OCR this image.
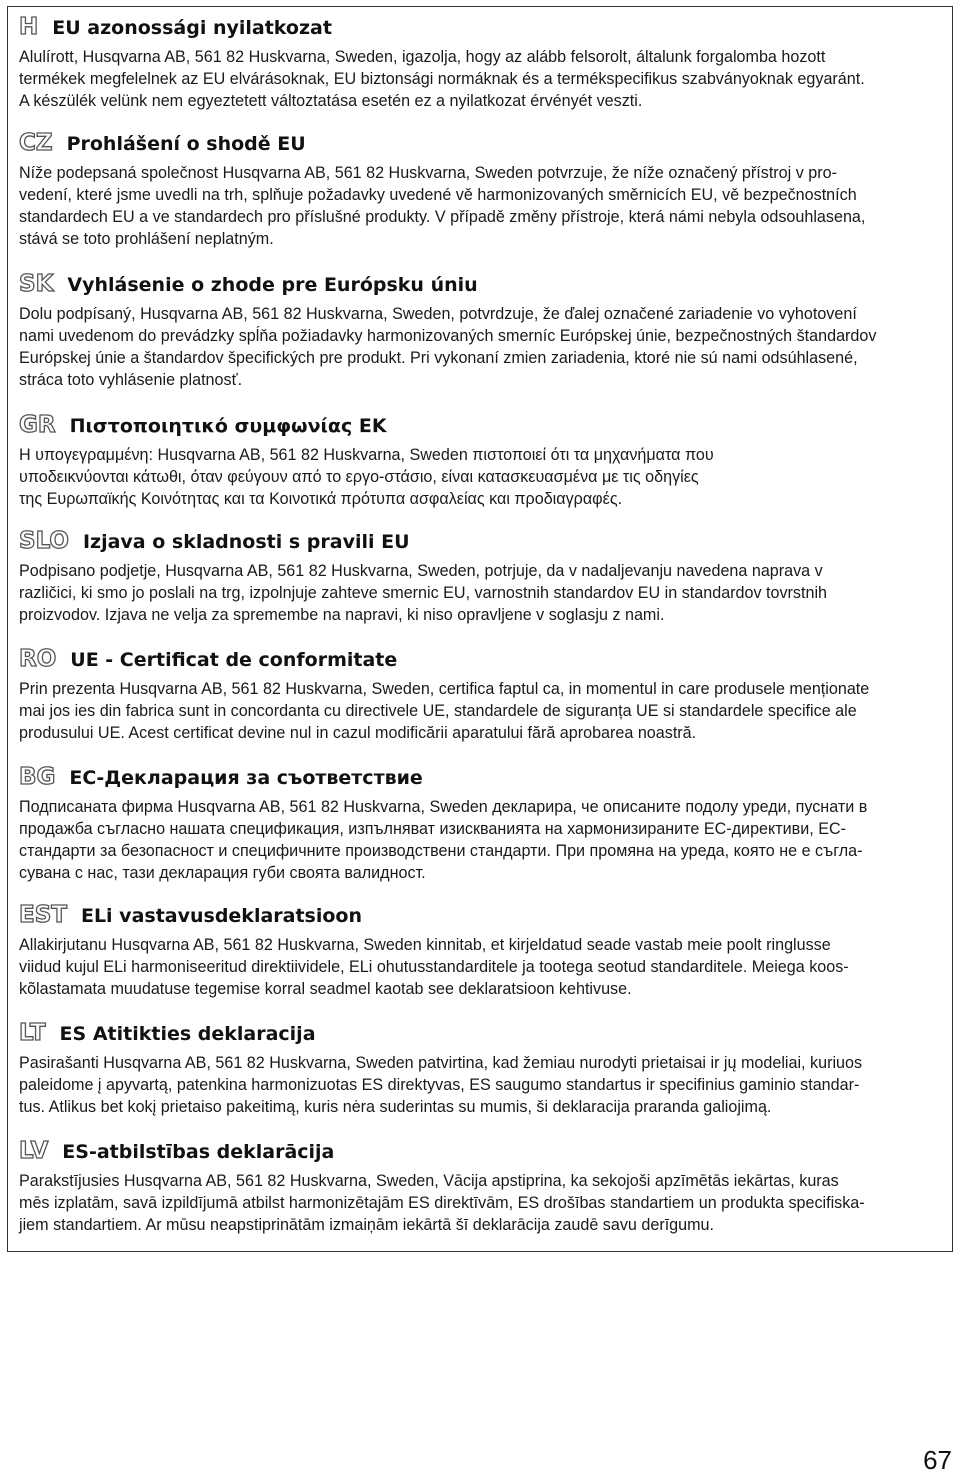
H EU azonossági nyilatkozat

Alulírott, Husqvarna AB, 561 82 Huskvarna, Sweden, igazolja, hogy az alább felsorolt, általunk forgalomba hozott
termékek megfelelnek az EU elvárásoknak, EU biztonsági normáknak és a termékspecifikus szabványoknak egyaránt.
A készülék velünk nem egyeztetett változtatása esetén ez a nyilatkozat érvényét veszti.

CZ Prohlášení o shodě EU

Níže podepsaná společnost Husqvarna AB, 561 82 Huskvarna, Sweden potvrzuje, že níže označený přístroj v pro-
vedení, které jsme uvedli na trh, splňuje požadavky uvedené vě harmonizovaných směrnicích EU, vě bezpečnostních
standardech EU a ve standardech pro příslušné produkty. V případě změny přístroje, která námi nebyla odsouhlasena,
stává se toto prohlášení neplatným.

SK Vyhlásenie o zhode pre Európsku úniu

Dolu podpísaný, Husqvarna AB, 561 82 Huskvarna, Sweden, potvrdzuje, že ďalej označené zariadenie vo vyhotovení
nami uvedenom do prevádzky spĺňa požiadavky harmonizovaných smerníc Európskej únie, bezpečnostných štandardov
Európskej únie a štandardov špecifických pre produkt. Pri vykonaní zmien zariadenia, ktoré nie sú nami odsúhlasené,
stráca toto vyhlásenie platnosť.

GR Πιστοποιητικό συμφωνίας ΕΚ

Η υπογεγραμμένη: Husqvarna AB, 561 82 Huskvarna, Sweden πιστοποιεί ότι τα μηχανήματα που
υποδεικνύονται κάτωθι, όταν φεύγουν από το εργο-στάσιο, είναι κατασκευασμένα με τις οδηγίες
της Ευρωπαϊκής Κοινότητας και τα Κοινοτικά πρότυπα ασφαλείας και προδιαγραφές.

SLO Izjava o skladnosti s pravili EU

Podpisano podjetje, Husqvarna AB, 561 82 Huskvarna, Sweden, potrjuje, da v nadaljevanju navedena naprava v
različici, ki smo jo poslali na trg, izpolnjuje zahteve smernic EU, varnostnih standardov EU in standardov tovrstnih
proizvodov. Izjava ne velja za spremembe na napravi, ki niso opravljene v soglasju z nami.

RO UE - Certificat de conformitate

Prin prezenta Husqvarna AB, 561 82 Huskvarna, Sweden, certifica faptul ca, in momentul in care produsele mențіonate
mai jos ies din fabrica sunt in concordanta cu directivele UE, standardele de siguranța UE si standardele specifice ale
produsului UE. Acest certificat devine nul in cazul modificării aparatului fără aprobarea noastră.

BG ЕС-Декларация за съответствие

Подписаната фирма Husqvarna AB, 561 82 Huskvarna, Sweden декларира, че описаните подолу уреди, пуснати в
продажба съгласно нашата спецификация, изпълняват изискванията на хармонизираните ЕС-директиви, ЕС-
стандарти за безопасност и специфичните производствени стандарти. При промяна на уреда, която не е съгла-
сувана с нас, тази декларация губи своята валидност.

EST ELi vastavusdeklaratsioon

Allakirjutanu Husqvarna AB, 561 82 Huskvarna, Sweden kinnitab, et kirjeldatud seade vastab meie poolt ringlusse
viidud kujul ELi harmoniseeritud direktiividele, ELi ohutusstandarditele ja tootega seotud standarditele. Meiega koos-
kõlastamata muudatuse tegemise korral seadmel kaotab see deklaratsioon kehtivuse.

LT ES Atitikties deklaracija

Pasirašanti Husqvarna AB, 561 82 Huskvarna, Sweden patvirtina, kad žemiau nurodyti prietaisai ir jų modeliai, kuriuos
paleidome į apyvartą, patenkina harmonizuotas ES direktyvas, ES saugumo standartus ir specifinius gaminio standar-
tus. Atlikus bet kokį prietaiso pakeitimą, kuris nėra suderintas su mumis, ši deklaracija praranda galiojimą.

LV ES-atbilstības deklarācija

Parakstījusies Husqvarna AB, 561 82 Huskvarna, Sweden, Vācija apstiprina, ka sekojoši apzīmētās iekārtas, kuras
mēs izplatām, savā izpildījumā atbilst harmonizētajām ES direktīvām, ES drošības standartiem un produkta specifiska-
jiem standartiem. Ar mūsu neapstiprinātām izmaiņām iekārtā šī deklarācija zaudē savu derīgumu.

67
